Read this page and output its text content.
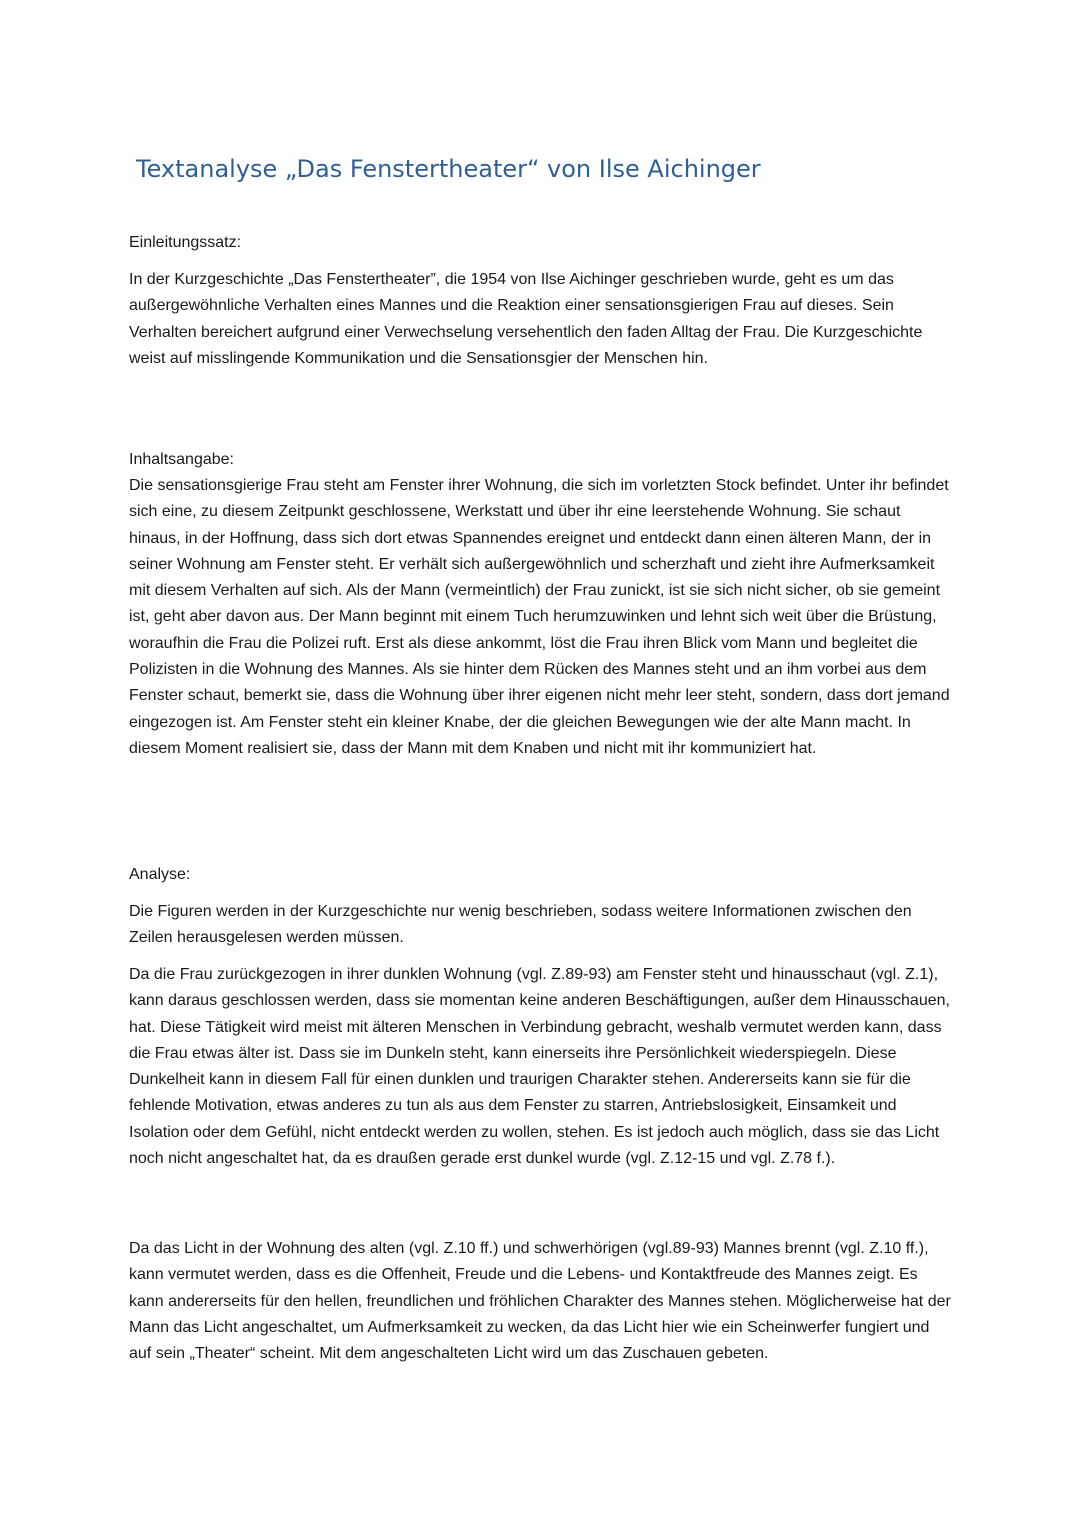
Textanalyse „Das Fenstertheater“ von Ilse Aichinger
Einleitungssatz:

In der Kurzgeschichte „Das Fenstertheater”, die 1954 von Ilse Aichinger geschrieben wurde, geht es um das außergewöhnliche Verhalten eines Mannes und die Reaktion einer sensationsgierigen Frau auf dieses. Sein Verhalten bereichert aufgrund einer Verwechselung versehentlich den faden Alltag der Frau. Die Kurzgeschichte weist auf misslingende Kommunikation und die Sensationsgier der Menschen hin.

Inhaltsangabe:

Die sensationsgierige Frau steht am Fenster ihrer Wohnung, die sich im vorletzten Stock befindet. Unter ihr befindet sich eine, zu diesem Zeitpunkt geschlossene, Werkstatt und über ihr eine leerstehende Wohnung. Sie schaut hinaus, in der Hoffnung, dass sich dort etwas Spannendes ereignet und entdeckt dann einen älteren Mann, der in seiner Wohnung am Fenster steht. Er verhält sich außergewöhnlich und scherzhaft und zieht ihre Aufmerksamkeit mit diesem Verhalten auf sich. Als der Mann (vermeintlich) der Frau zunickt, ist sie sich nicht sicher, ob sie gemeint ist, geht aber davon aus. Der Mann beginnt mit einem Tuch herumzuwinken und lehnt sich weit über die Brüstung, woraufhin die Frau die Polizei ruft. Erst als diese ankommt, löst die Frau ihren Blick vom Mann und begleitet die Polizisten in die Wohnung des Mannes. Als sie hinter dem Rücken des Mannes steht und an ihm vorbei aus dem Fenster schaut, bemerkt sie, dass die Wohnung über ihrer eigenen nicht mehr leer steht, sondern, dass dort jemand eingezogen ist. Am Fenster steht ein kleiner Knabe, der die gleichen Bewegungen wie der alte Mann macht. In diesem Moment realisiert sie, dass der Mann mit dem Knaben und nicht mit ihr kommuniziert hat.

Analyse:

Die Figuren werden in der Kurzgeschichte nur wenig beschrieben, sodass weitere Informationen zwischen den Zeilen herausgelesen werden müssen.

Da die Frau zurückgezogen in ihrer dunklen Wohnung (vgl. Z.89-93) am Fenster steht und hinausschaut (vgl. Z.1), kann daraus geschlossen werden, dass sie momentan keine anderen Beschäftigungen, außer dem Hinausschauen, hat. Diese Tätigkeit wird meist mit älteren Menschen in Verbindung gebracht, weshalb vermutet werden kann, dass die Frau etwas älter ist. Dass sie im Dunkeln steht, kann einerseits ihre Persönlichkeit wiederspiegeln. Diese Dunkelheit kann in diesem Fall für einen dunklen und traurigen Charakter stehen. Andererseits kann sie für die fehlende Motivation, etwas anderes zu tun als aus dem Fenster zu starren, Antriebslosigkeit, Einsamkeit und Isolation oder dem Gefühl, nicht entdeckt werden zu wollen, stehen. Es ist jedoch auch möglich, dass sie das Licht noch nicht angeschaltet hat, da es draußen gerade erst dunkel wurde (vgl. Z.12-15 und vgl. Z.78 f.).

Da das Licht in der Wohnung des alten (vgl. Z.10 ff.) und schwerhörigen (vgl.89-93) Mannes brennt (vgl. Z.10 ff.), kann vermutet werden, dass es die Offenheit, Freude und die Lebens- und Kontaktfreude des Mannes zeigt. Es kann andererseits für den hellen, freundlichen und fröhlichen Charakter des Mannes stehen. Möglicherweise hat der Mann das Licht angeschaltet, um Aufmerksamkeit zu wecken, da das Licht hier wie ein Scheinwerfer fungiert und auf sein „Theater“ scheint. Mit dem angeschalteten Licht wird um das Zuschauen gebeten.
